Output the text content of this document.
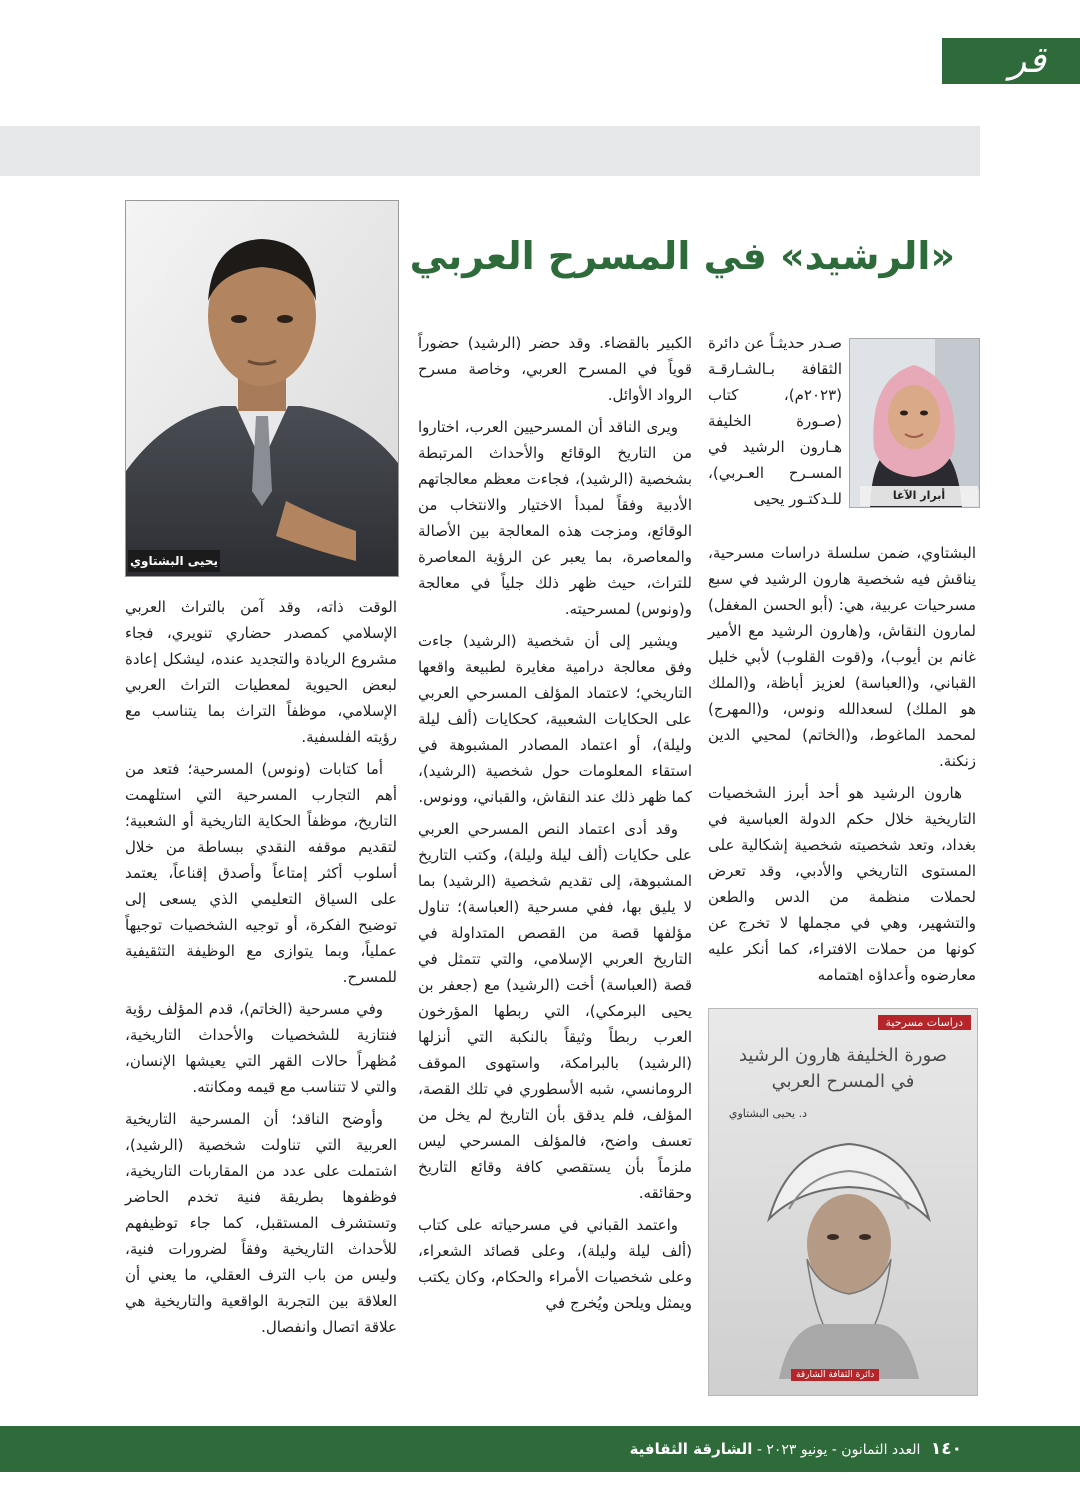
قراءات
يحيى البشتاوي
«الرشيد» في المسرح العربي
أبرار الآغا

صـدر حديثـاً عن دائرة الثقافة بـالشـارقـة (٢٠٢٣م)، كتاب (صـورة الخليفة هـارون الرشيد في المسـرح العـربي)، للـدكتـور يحيى

البشتاوي، ضمن سلسلة دراسات مسرحية، يناقش فيه شخصية هارون الرشيد في سبع مسرحيات عربية، هي: (أبو الحسن المغفل) لمارون النقاش، و(هارون الرشيد مع الأمير غانم بن أيوب)، و(قوت القلوب) لأبي خليل القباني، و(العباسة) لعزيز أباظة، و(الملك هو الملك) لسعدالله ونوس، و(المهرج) لمحمد الماغوط، و(الخاتم) لمحيي الدين زنكنة.

هارون الرشيد هو أحد أبرز الشخصيات التاريخية خلال حكم الدولة العباسية في بغداد، وتعد شخصيته شخصية إشكالية على المستوى التاريخي والأدبي، وقد تعرض لحملات منظمة من الدس والطعن والتشهير، وهي في مجملها لا تخرج عن كونها من حملات الافتراء، كما أنكر عليه معارضوه وأعداؤه اهتمامه

الكبير بالقضاء. وقد حضر (الرشيد) حضوراً قوياً في المسرح العربي، وخاصة مسرح الرواد الأوائل.

ويرى الناقد أن المسرحيين العرب، اختاروا من التاريخ الوقائع والأحداث المرتبطة بشخصية (الرشيد)، فجاءت معظم معالجاتهم الأدبية وفقاً لمبدأ الاختيار والانتخاب من الوقائع، ومزجت هذه المعالجة بين الأصالة والمعاصرة، بما يعبر عن الرؤية المعاصرة للتراث، حيث ظهر ذلك جلياً في معالجة و(ونوس) لمسرحيته.

ويشير إلى أن شخصية (الرشيد) جاءت وفق معالجة درامية مغايرة لطبيعة واقعها التاريخي؛ لاعتماد المؤلف المسرحي العربي على الحكايات الشعبية، كحكايات (ألف ليلة وليلة)، أو اعتماد المصادر المشبوهة في استقاء المعلومات حول شخصية (الرشيد)، كما ظهر ذلك عند النقاش، والقباني، وونوس.

وقد أدى اعتماد النص المسرحي العربي على حكايات (ألف ليلة وليلة)، وكتب التاريخ المشبوهة، إلى تقديم شخصية (الرشيد) بما لا يليق بها، ففي مسرحية (العباسة)؛ تناول مؤلفها قصة من القصص المتداولة في التاريخ العربي الإسلامي، والتي تتمثل في قصة (العباسة) أخت (الرشيد) مع (جعفر بن يحيى البرمكي)، التي ربطها المؤرخون العرب ربطاً وثيقاً بالنكبة التي أنزلها (الرشيد) بالبرامكة، واستهوى الموقف الرومانسي، شبه الأسطوري في تلك القصة، المؤلف، فلم يدقق بأن التاريخ لم يخل من تعسف واضح، فالمؤلف المسرحي ليس ملزماً بأن يستقصي كافة وقائع التاريخ وحقائقه.

واعتمد القباني في مسرحياته على كتاب (ألف ليلة وليلة)، وعلى قصائد الشعراء، وعلى شخصيات الأمراء والحكام، وكان يكتب ويمثل ويلحن ويُخرج في

الوقت ذاته، وقد آمن بالتراث العربي الإسلامي كمصدر حضاري تنويري، فجاء مشروع الريادة والتجديد عنده، ليشكل إعادة لبعض الحيوية لمعطيات التراث العربي الإسلامي، موظفاً التراث بما يتناسب مع رؤيته الفلسفية.

أما كتابات (ونوس) المسرحية؛ فتعد من أهم التجارب المسرحية التي استلهمت التاريخ، موظفاً الحكاية التاريخية أو الشعبية؛ لتقديم موقفه النقدي ببساطة من خلال أسلوب أكثر إمتاعاً وأصدق إقناعاً، يعتمد على السياق التعليمي الذي يسعى إلى توضيح الفكرة، أو توجيه الشخصيات توجيهاً عملياً، وبما يتوازى مع الوظيفة التثقيفية للمسرح.

وفي مسرحية (الخاتم)، قدم المؤلف رؤية فنتازية للشخصيات والأحداث التاريخية، مُظهراً حالات القهر التي يعيشها الإنسان، والتي لا تتناسب مع قيمه ومكانته.

وأوضح الناقد؛ أن المسرحية التاريخية العربية التي تناولت شخصية (الرشيد)، اشتملت على عدد من المقاربات التاريخية، فوظفوها بطريقة فنية تخدم الحاضر وتستشرف المستقبل، كما جاء توظيفهم للأحداث التاريخية وفقاً لضرورات فنية، وليس من باب الترف العقلي، ما يعني أن العلاقة بين التجربة الواقعية والتاريخية هي علاقة اتصال وانفصال.

دراسات مسرحية
صورة الخليفة هارون الرشيد
في المسرح العربي
د. يحيى البشتاوي
دائرة الثقافة الشارقة
١٤٠ العدد الثمانون - يونيو ٢٠٢٣ - الشارقة الثقافية
